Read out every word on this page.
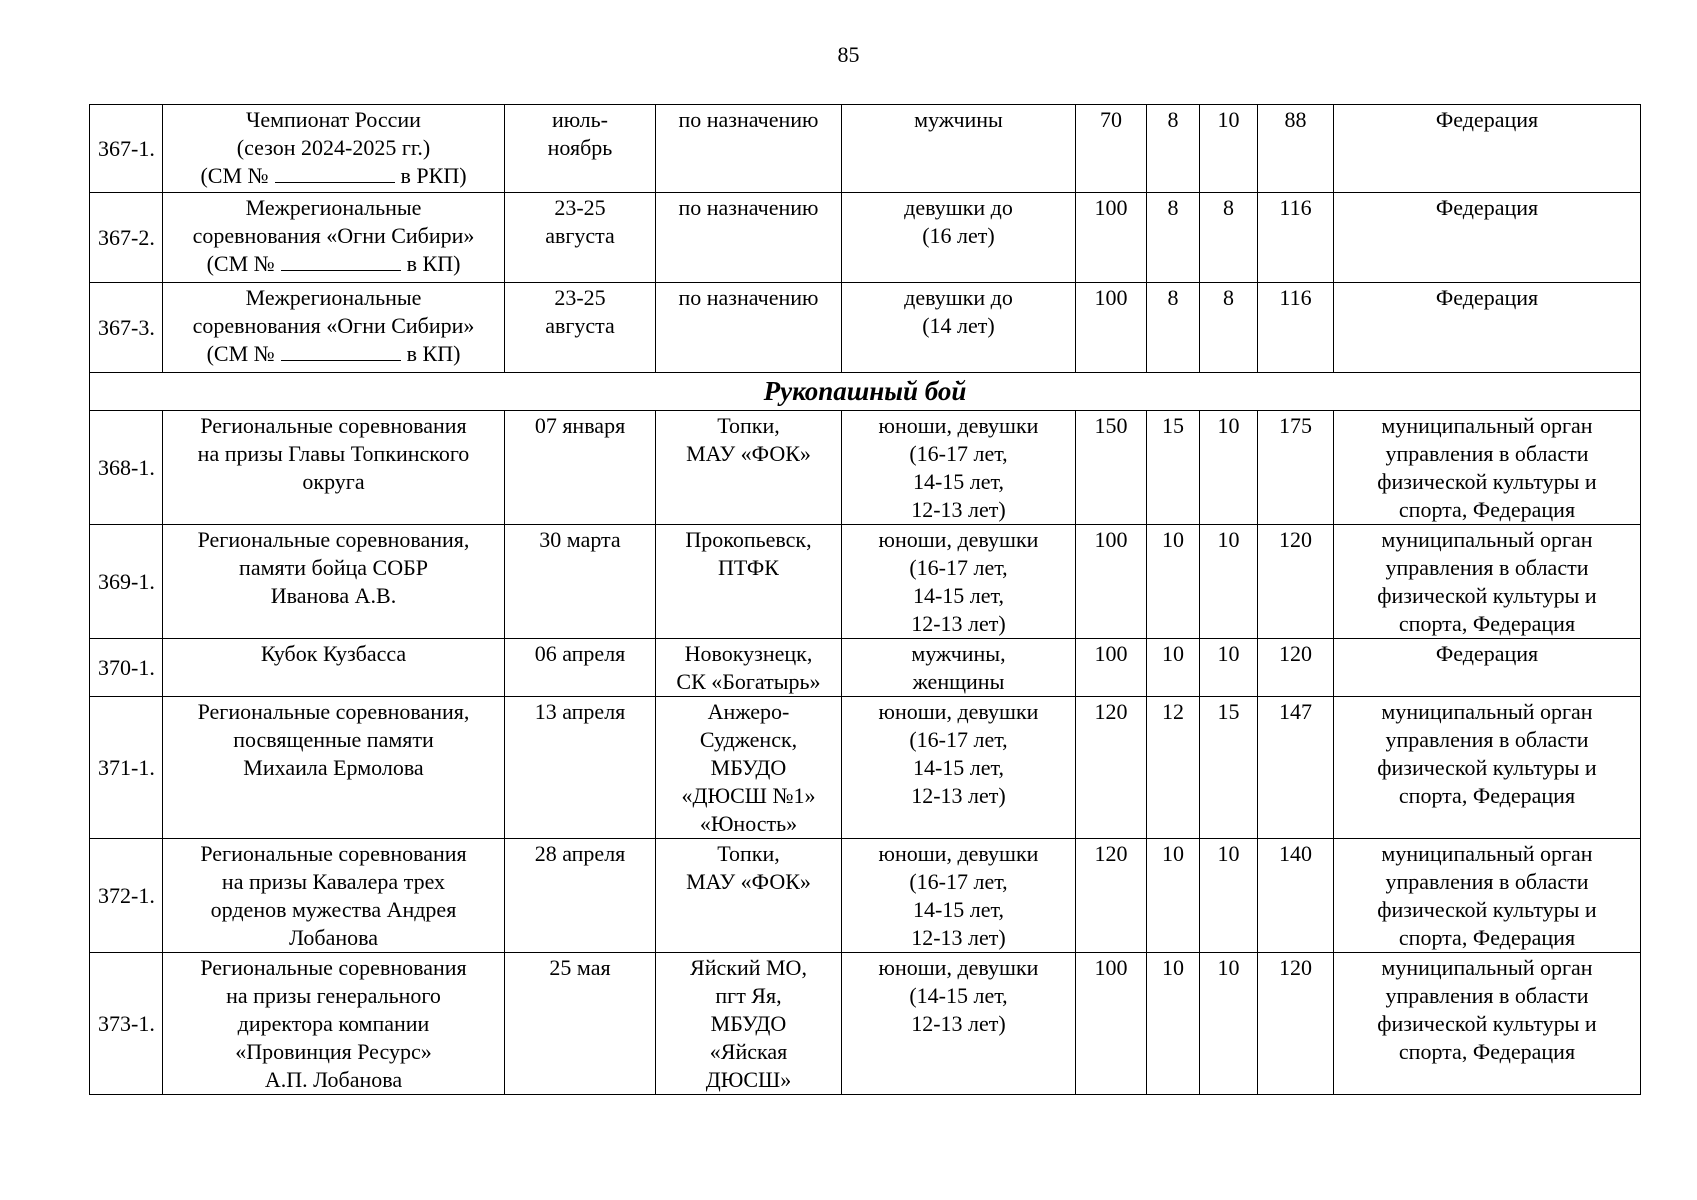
85
367-1.	Чемпионат России
(сезон 2024-2025 гг.)
(СМ № в РКП)	июль-
ноябрь	по назначению	мужчины	70	8	10	88	Федерация

367-2.	Межрегиональные
соревнования «Огни Сибири»
(СМ № в КП)	23-25
августа	по назначению	девушки до
(16 лет)	100	8	8	116	Федерация

367-3.	Межрегиональные
соревнования «Огни Сибири»
(СМ № в КП)	23-25
августа	по назначению	девушки до
(14 лет)	100	8	8	116	Федерация

Рукопашный бой									
368-1.	Региональные соревнования
на призы Главы Топкинского
округа	07 января	Топки,
МАУ «ФОК»	юноши, девушки
(16-17 лет,
14-15 лет,
12-13 лет)	150	15	10	175	муниципальный орган
управления в области
физической культуры и
спорта, Федерация

369-1.	Региональные соревнования,
памяти бойца СОБР
Иванова А.В.	30 марта	Прокопьевск,
ПТФК	юноши, девушки
(16-17 лет,
14-15 лет,
12-13 лет)	100	10	10	120	муниципальный орган
управления в области
физической культуры и
спорта, Федерация

370-1.	Кубок Кузбасса	06 апреля	Новокузнецк,
СК «Богатырь»	мужчины,
женщины	100	10	10	120	Федерация

371-1.	Региональные соревнования,
посвященные памяти
Михаила Ермолова	13 апреля	Анжеро-
Судженск,
МБУДО
«ДЮСШ №1»
«Юность»	юноши, девушки
(16-17 лет,
14-15 лет,
12-13 лет)	120	12	15	147	муниципальный орган
управления в области
физической культуры и
спорта, Федерация

372-1.	Региональные соревнования
на призы Кавалера трех
орденов мужества Андрея
Лобанова	28 апреля	Топки,
МАУ «ФОК»	юноши, девушки
(16-17 лет,
14-15 лет,
12-13 лет)	120	10	10	140	муниципальный орган
управления в области
физической культуры и
спорта, Федерация

373-1.	Региональные соревнования
на призы генерального
директора компании
«Провинция Ресурс»
А.П. Лобанова	25 мая	Яйский МО,
пгт Яя,
МБУДО
«Яйская
ДЮСШ»	юноши, девушки
(14-15 лет,
12-13 лет)	100	10	10	120	муниципальный орган
управления в области
физической культуры и
спорта, Федерация
